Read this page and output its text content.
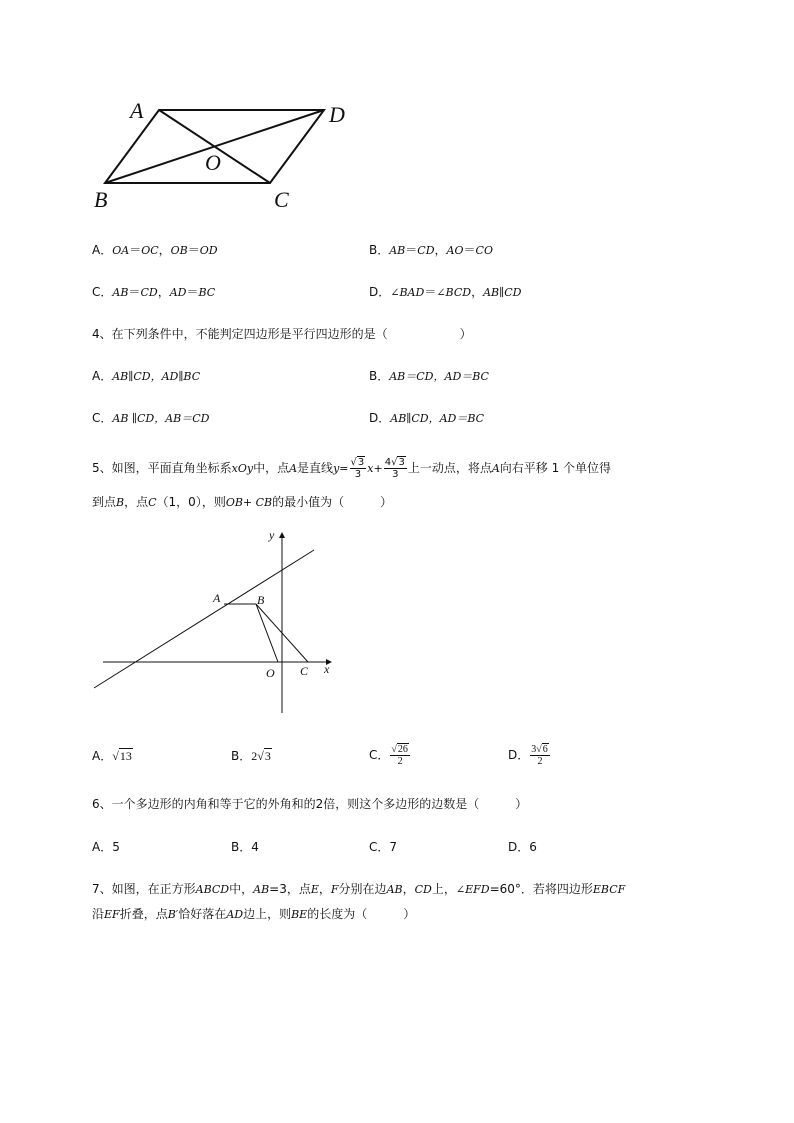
A	D
O
B	C
A．OA＝OC，OB＝OD	B．AB＝CD，AO＝CO
C．AB＝CD，AD＝BC	D．∠BAD＝∠BCD，AB∥CD
4、在下列条件中，不能判定四边形是平行四边形的是（　　　　　　）
A．AB∥CD，AD∥BC	B．AB＝CD，AD＝BC
C．AB ∥CD，AB＝CD	D．AB∥CD，AD＝BC
5、如图，平面直角坐标系xOy中，点A是直线$y= \frac{√3}{3} x+ \frac{4√3}{3}$ 上一动点，将点A向右平移 1 个单位得
到点B，点C（1，0），则OB+ CB的最小值为（　　　）
y
A	B
O C x
A．√13	B．2√3	C． $\frac{√26}{2}$	D． $\frac{3√6}{2}$
6、一个多边形的内角和等于它的外角和的2倍，则这个多边形的边数是（　　　）
A．5	B．4	C．7	D．6
7、如图，在正方形ABCD中，AB=3，点E，F分别在边AB，CD上，∠EFD=60°．若将四边形EBCF
沿EF折叠，点B′恰好落在AD边上，则BE的长度为（　　　）
